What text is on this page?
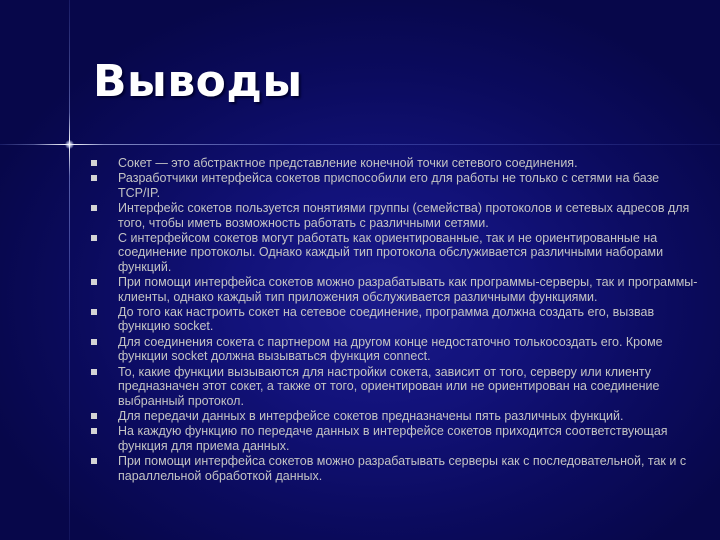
Выводы
Сокет — это абстрактное представление конечной точки сетевого соединения.
Разработчики интерфейса сокетов приспособили его для работы не только с сетями на базе TCP/IP.
Интерфейс сокетов пользуется понятиями группы (семейства) протоколов и сетевых адресов для того, чтобы иметь возможность работать с различными сетями.
С интерфейсом сокетов могут работать как ориентированные, так и не ориентированные на соединение протоколы. Однако каждый тип протокола обслуживается различными наборами функций.
При помощи интерфейса сокетов можно разрабатывать как программы-серверы, так и программы-клиенты, однако каждый тип приложения обслуживается различными функциями.
До того как настроить сокет на сетевое соединение, программа должна создать его, вызвав функцию socket.
Для соединения сокета с партнером на другом конце недостаточно толькосоздать его. Кроме функции socket должна вызываться функция connect.
То, какие функции вызываются для настройки сокета, зависит от того, серверу или клиенту предназначен этот сокет, а также от того, ориентирован или не ориентирован на соединение выбранный протокол.
Для передачи данных в интерфейсе сокетов предназначены пять различных функций.
На каждую функцию по передаче данных в интерфейсе сокетов приходится соответствующая функция для приема данных.
При помощи интерфейса сокетов можно разрабатывать серверы как с последовательной, так и с параллельной обработкой данных.
